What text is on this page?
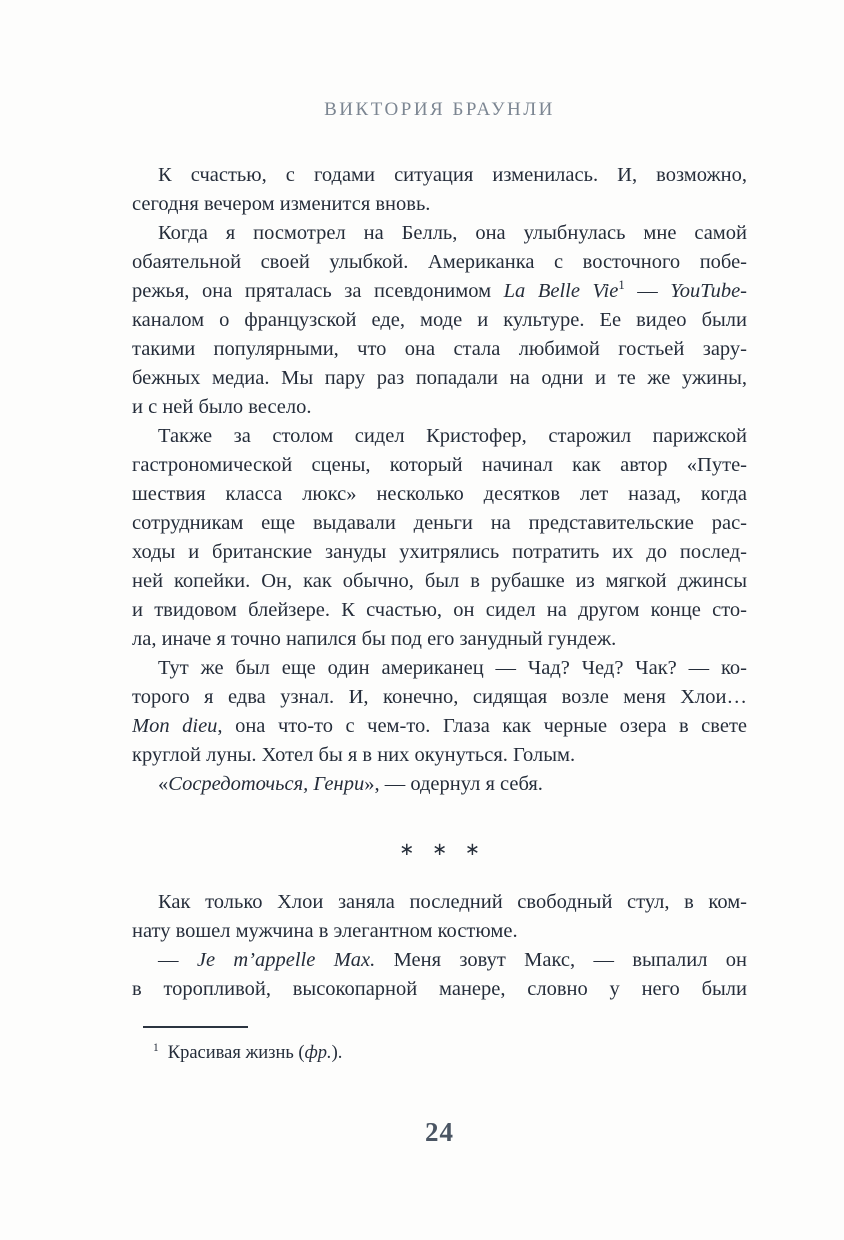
ВИКТОРИЯ БРАУНЛИ
К счастью, с годами ситуация изменилась. И, возможно,
сегодня вечером изменится вновь.
Когда я посмотрел на Белль, она улыбнулась мне самой
обаятельной своей улыбкой. Американка с восточного побе-
режья, она пряталась за псевдонимом La Belle Vie$^1$ — YouTube-
каналом о французской еде, моде и культуре. Ее видео были
такими популярными, что она стала любимой гостьей зару-
бежных медиа. Мы пару раз попадали на одни и те же ужины,
и с ней было весело.
Также за столом сидел Кристофер, старожил парижской
гастрономической сцены, который начинал как автор «Путе-
шествия класса люкс» несколько десятков лет назад, когда
сотрудникам еще выдавали деньги на представительские рас-
ходы и британские зануды ухитрялись потратить их до послед-
ней копейки. Он, как обычно, был в рубашке из мягкой джинсы
и твидовом блейзере. К счастью, он сидел на другом конце сто-
ла, иначе я точно напился бы под его занудный гундеж.
Тут же был еще один американец — Чад? Чед? Чак? — ко-
торого я едва узнал. И, конечно, сидящая возле меня Хлои…
Mon dieu, она что-то с чем-то. Глаза как черные озера в свете
круглой луны. Хотел бы я в них окунуться. Голым.
«Сосредоточься, Генри», — одернул я себя.
∗ ∗ ∗
Как только Хлои заняла последний свободный стул, в ком-
нату вошел мужчина в элегантном костюме.
— Je m’appelle Max. Меня зовут Макс, — выпалил он
в торопливой, высокопарной манере, словно у него были
$^1$ Красивая жизнь (фр.).
24
